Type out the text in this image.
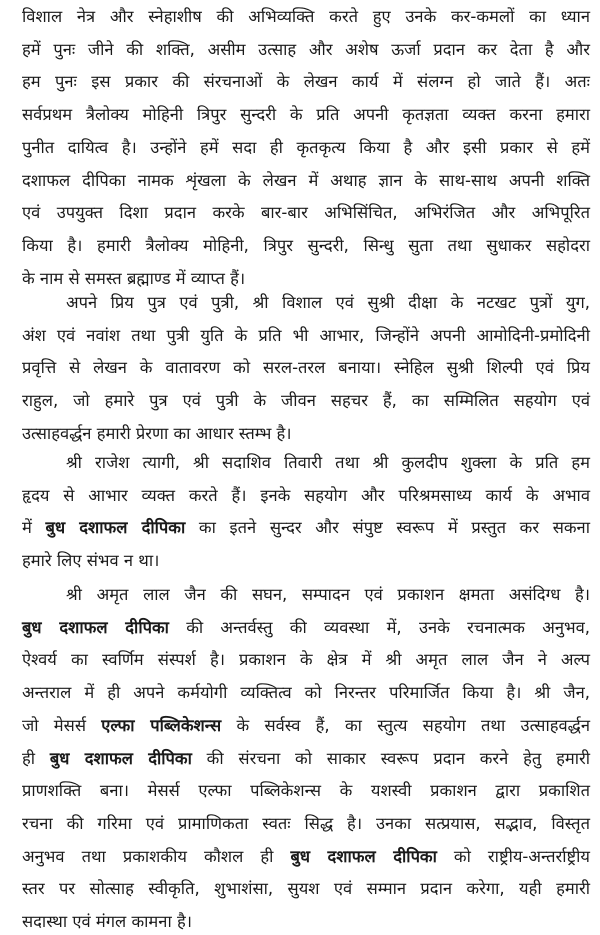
विशाल नेत्र और स्नेहाशीष की अभिव्यक्ति करते हुए उनके कर-कमलों का ध्यान
हमें पुनः जीने की शक्ति, असीम उत्साह और अशेष ऊर्जा प्रदान कर देता है और
हम पुनः इस प्रकार की संरचनाओं के लेखन कार्य में संलग्न हो जाते हैं। अतः
सर्वप्रथम त्रैलोक्य मोहिनी त्रिपुर सुन्दरी के प्रति अपनी कृतज्ञता व्यक्त करना हमारा
पुनीत दायित्व है। उन्होंने हमें सदा ही कृतकृत्य किया है और इसी प्रकार से हमें
दशाफल दीपिका नामक शृंखला के लेखन में अथाह ज्ञान के साथ-साथ अपनी शक्ति
एवं उपयुक्त दिशा प्रदान करके बार-बार अभिसिंचित, अभिरंजित और अभिपूरित
किया है। हमारी त्रैलोक्य मोहिनी, त्रिपुर सुन्दरी, सिन्धु सुता तथा सुधाकर सहोदरा
के नाम से समस्त ब्रह्माण्ड में व्याप्त हैं।
अपने प्रिय पुत्र एवं पुत्री, श्री विशाल एवं सुश्री दीक्षा के नटखट पुत्रों युग,
अंश एवं नवांश तथा पुत्री युति के प्रति भी आभार, जिन्होंने अपनी आमोदिनी-प्रमोदिनी
प्रवृत्ति से लेखन के वातावरण को सरल-तरल बनाया। स्नेहिल सुश्री शिल्पी एवं प्रिय
राहुल, जो हमारे पुत्र एवं पुत्री के जीवन सहचर हैं, का सम्मिलित सहयोग एवं
उत्साहवर्द्धन हमारी प्रेरणा का आधार स्तम्भ है।
श्री राजेश त्यागी, श्री सदाशिव तिवारी तथा श्री कुलदीप शुक्ला के प्रति हम
हृदय से आभार व्यक्त करते हैं। इनके सहयोग और परिश्रमसाध्य कार्य के अभाव
में बुध दशाफल दीपिका का इतने सुन्दर और संपुष्ट स्वरूप में प्रस्तुत कर सकना
हमारे लिए संभव न था।
श्री अमृत लाल जैन की सघन, सम्पादन एवं प्रकाशन क्षमता असंदिग्ध है।
बुध दशाफल दीपिका की अन्तर्वस्तु की व्यवस्था में, उनके रचनात्मक अनुभव,
ऐश्वर्य का स्वर्णिम संस्पर्श है। प्रकाशन के क्षेत्र में श्री अमृत लाल जैन ने अल्प
अन्तराल में ही अपने कर्मयोगी व्यक्तित्व को निरन्तर परिमार्जित किया है। श्री जैन,
जो मेसर्स एल्फा पब्लिकेशन्स के सर्वस्व हैं, का स्तुत्य सहयोग तथा उत्साहवर्द्धन
ही बुध दशाफल दीपिका की संरचना को साकार स्वरूप प्रदान करने हेतु हमारी
प्राणशक्ति बना। मेसर्स एल्फा पब्लिकेशन्स के यशस्वी प्रकाशन द्वारा प्रकाशित
रचना की गरिमा एवं प्रामाणिकता स्वतः सिद्ध है। उनका सत्प्रयास, सद्भाव, विस्तृत
अनुभव तथा प्रकाशकीय कौशल ही बुध दशाफल दीपिका को राष्ट्रीय-अन्तर्राष्ट्रीय
स्तर पर सोत्साह स्वीकृति, शुभाशंसा, सुयश एवं सम्मान प्रदान करेगा, यही हमारी
सदास्था एवं मंगल कामना है।
